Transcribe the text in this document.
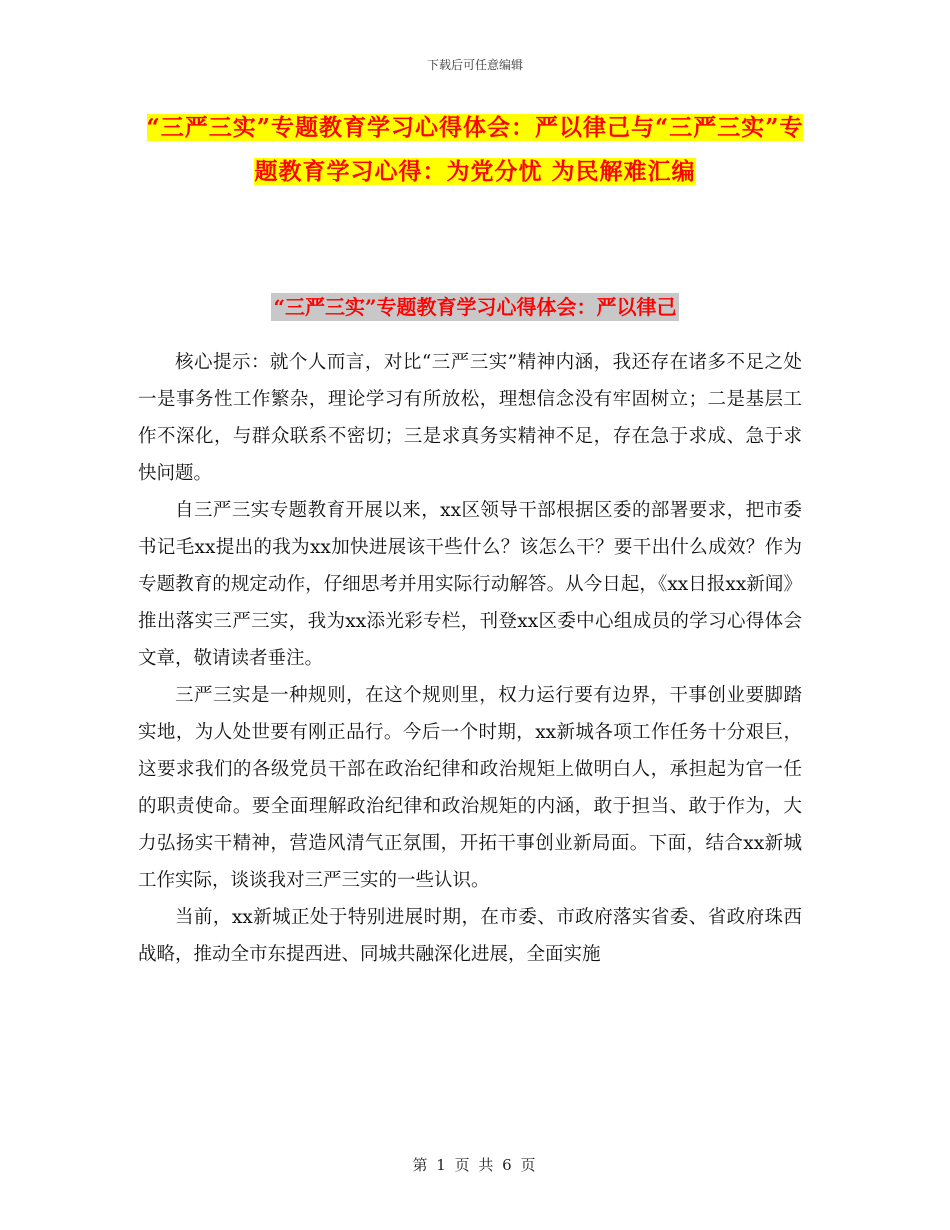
下载后可任意编辑
“三严三实”专题教育学习心得体会：严以律己与“三严三实”专题教育学习心得：为党分忧 为民解难汇编
“三严三实”专题教育学习心得体会：严以律己

核心提示：就个人而言，对比“三严三实”精神内涵，我还存在诸多不足之处一是事务性工作繁杂，理论学习有所放松，理想信念没有牢固树立；二是基层工作不深化，与群众联系不密切；三是求真务实精神不足，存在急于求成、急于求快问题。

自三严三实专题教育开展以来，xx区领导干部根据区委的部署要求，把市委书记毛xx提出的我为xx加快进展该干些什么？该怎么干？要干出什么成效？作为专题教育的规定动作，仔细思考并用实际行动解答。从今日起，《xx日报xx新闻》推出落实三严三实，我为xx添光彩专栏，刊登xx区委中心组成员的学习心得体会文章，敬请读者垂注。

三严三实是一种规则，在这个规则里，权力运行要有边界，干事创业要脚踏实地，为人处世要有刚正品行。今后一个时期，xx新城各项工作任务十分艰巨，这要求我们的各级党员干部在政治纪律和政治规矩上做明白人，承担起为官一任的职责使命。要全面理解政治纪律和政治规矩的内涵，敢于担当、敢于作为，大力弘扬实干精神，营造风清气正氛围，开拓干事创业新局面。下面，结合xx新城工作实际，谈谈我对三严三实的一些认识。

当前，xx新城正处于特别进展时期，在市委、市政府落实省委、省政府珠西战略，推动全市东提西进、同城共融深化进展，全面实施

第 1 页 共 6 页
